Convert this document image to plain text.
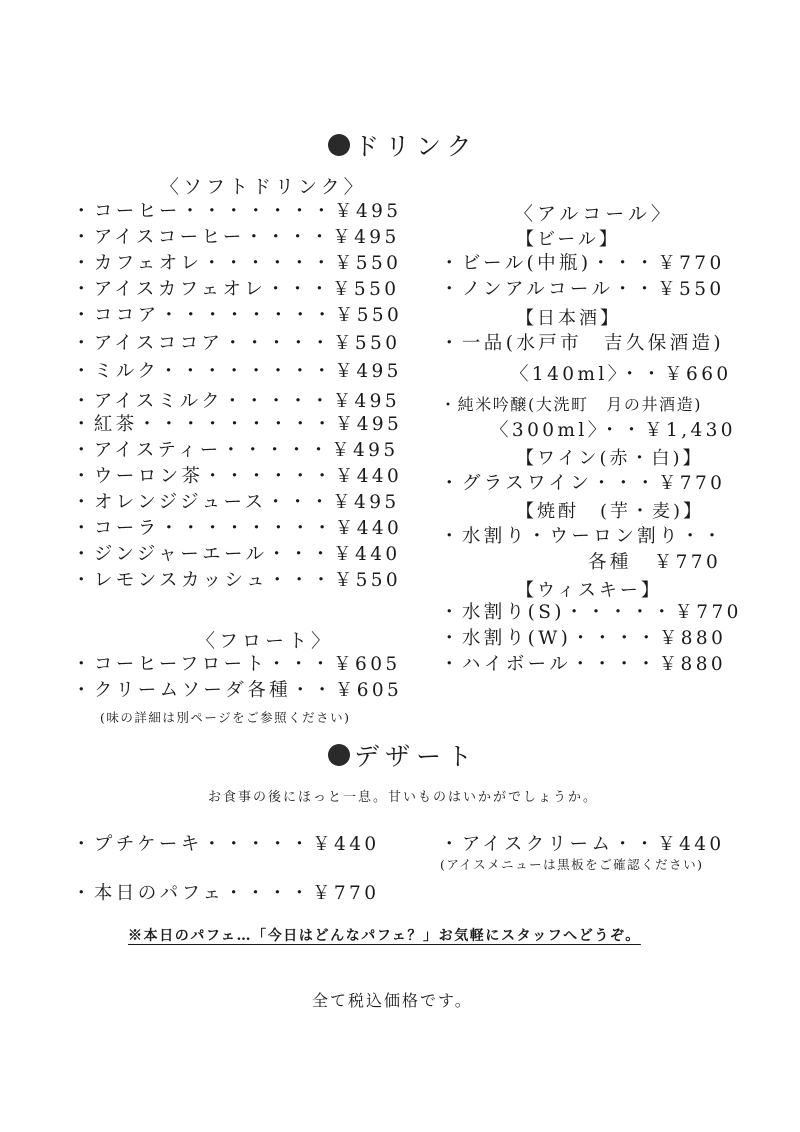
ドリンク
〈ソフトドリンク〉
・コーヒー・・・・・・・￥495
・アイスコーヒー・・・・￥495
・カフェオレ・・・・・・￥550
・アイスカフェオレ・・・￥550
・ココア・・・・・・・・￥550
・アイスココア・・・・・￥550
・ミルク・・・・・・・・￥495
・アイスミルク・・・・・￥495
・紅茶・・・・・・・・・￥495
・アイスティー・・・・・￥495
・ウーロン茶・・・・・・￥440
・オレンジジュース・・・￥495
・コーラ・・・・・・・・￥440
・ジンジャーエール・・・￥440
・レモンスカッシュ・・・￥550
〈フロート〉
・コーヒーフロート・・・￥605
・クリームソーダ各種・・￥605
(味の詳細は別ページをご参照ください)
〈アルコール〉
【ビール】
・ビール(中瓶)・・・￥770
・ノンアルコール・・￥550
【日本酒】
・一品(水戸市　吉久保酒造)
〈140ml〉・・￥660
・純米吟醸(大洗町　月の井酒造)
〈300ml〉・・￥1,430
【ワイン(赤・白)】
・グラスワイン・・・￥770
【焼酎　(芋・麦)】
・水割り・ウーロン割り・・
各種　￥770
【ウィスキー】
・水割り(S)・・・・・￥770
・水割り(W)・・・・￥880
・ハイボール・・・・￥880
デザート
お食事の後にほっと一息。甘いものはいかがでしょうか。
・プチケーキ・・・・・￥440	・アイスクリーム・・￥440
(アイスメニューは黒板をご確認ください)
・本日のパフェ・・・・￥770
※本日のパフェ…「今日はどんなパフェ？」お気軽にスタッフへどうぞ。
全て税込価格です。
